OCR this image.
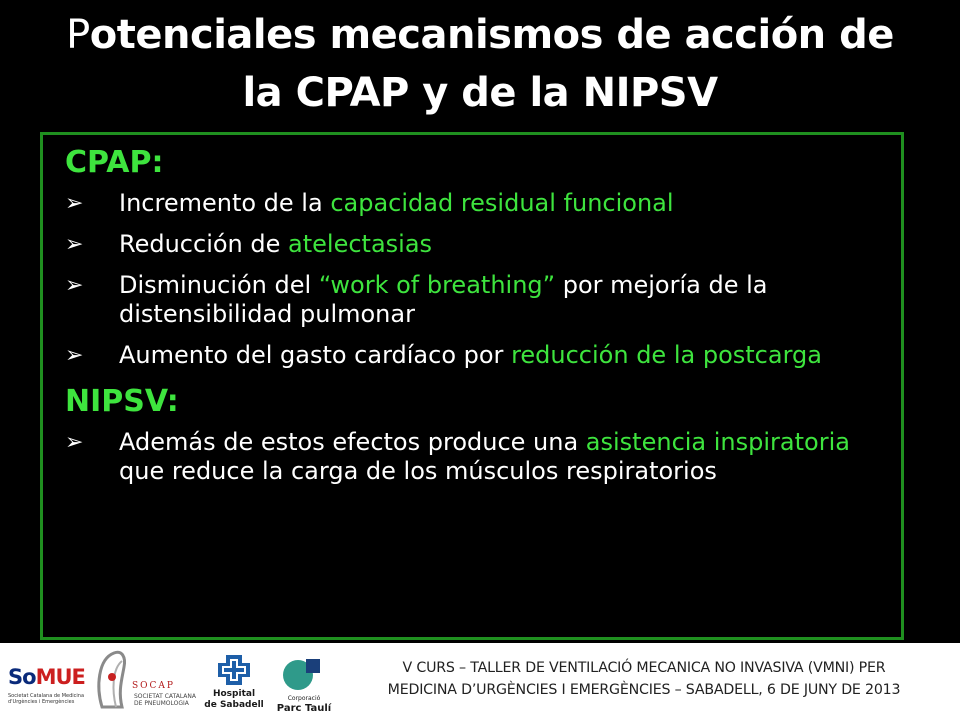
Potenciales mecanismos de acción de
la CPAP y de la NIPSV
CPAP:
➢	Incremento de la capacidad residual funcional
➢	Reducción de atelectasias
➢	Disminución del “work of breathing” por mejoría de la distensibilidad pulmonar
➢	Aumento del gasto cardíaco por reducción de la postcarga
NIPSV:
➢	Además de estos efectos produce una asistencia inspiratoria que reduce la carga de los músculos respiratorios
SoMUE
Societat Catalana de Medicina d'Urgències i Emergències
SOCAP
SOCIETAT CATALANA DE PNEUMOLOGIA
Hospital
de Sabadell
Corporació
Parc Taulí
V CURS – TALLER DE VENTILACIÓ MECANICA NO INVASIVA (VMNI) PER
MEDICINA D’URGÈNCIES I EMERGÈNCIES – SABADELL, 6 DE JUNY DE 2013
